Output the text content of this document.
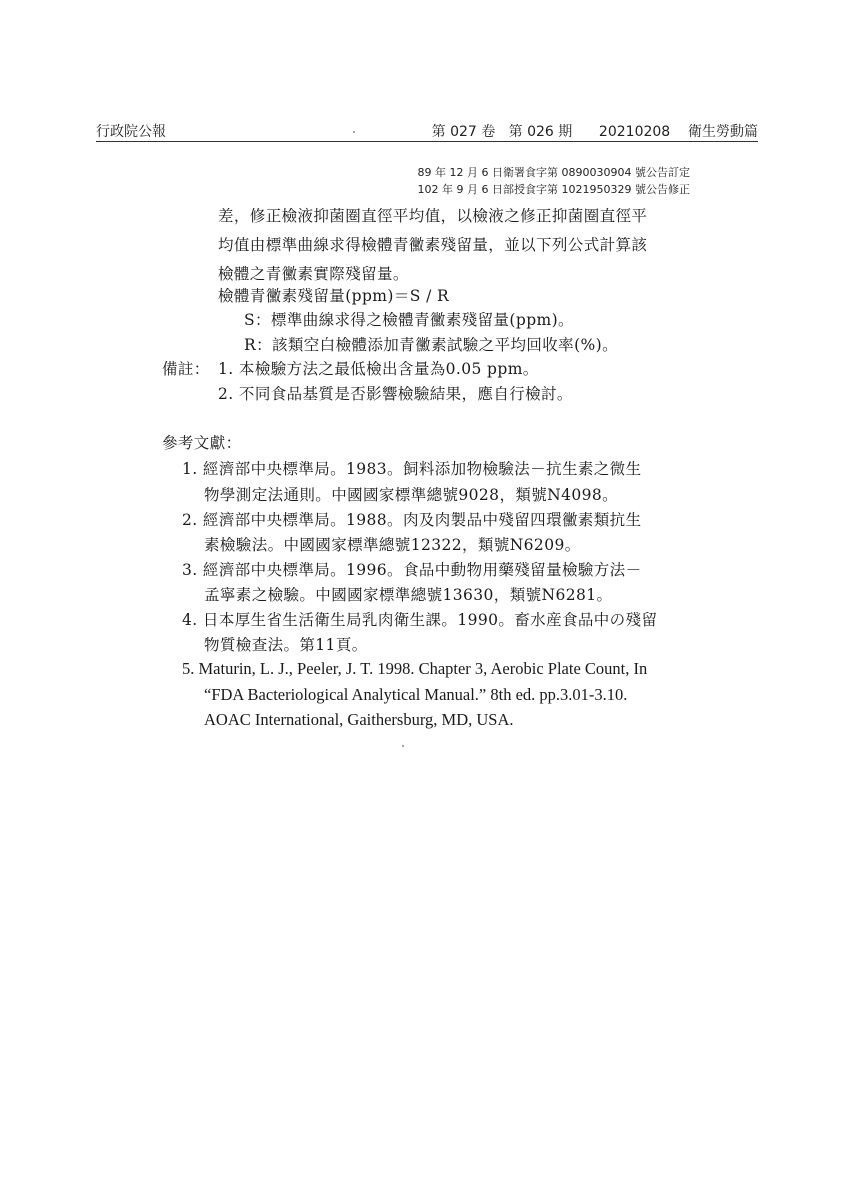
行政院公報	第 027 卷   第 026 期      20210208    衛生勞動篇
89 年 12 月 6 日衛署食字第 0890030904 號公告訂定
102 年 9 月 6 日部授食字第 1021950329 號公告修正
差，修正檢液抑菌圈直徑平均值，以檢液之修正抑菌圈直徑平
均值由標準曲線求得檢體青黴素殘留量，並以下列公式計算該
檢體之青黴素實際殘留量。
檢體青黴素殘留量(ppm)＝S / R
S：標準曲線求得之檢體青黴素殘留量(ppm)。
R：該類空白檢體添加青黴素試驗之平均回收率(%)。
備註： 1. 本檢驗方法之最低檢出含量為0.05 ppm。
2. 不同食品基質是否影響檢驗結果，應自行檢討。
參考文獻：
1. 經濟部中央標準局。1983。飼料添加物檢驗法－抗生素之微生
物學測定法通則。中國國家標準總號9028，類號N4098。
2. 經濟部中央標準局。1988。肉及肉製品中殘留四環黴素類抗生
素檢驗法。中國國家標準總號12322，類號N6209。
3. 經濟部中央標準局。1996。食品中動物用藥殘留量檢驗方法－
孟寧素之檢驗。中國國家標準總號13630，類號N6281。
4. 日本厚生省生活衛生局乳肉衛生課。1990。畜水産食品中の殘留
物質檢查法。第11頁。
5. Maturin, L. J., Peeler, J. T. 1998. Chapter 3, Aerobic Plate Count, In
“FDA Bacteriological Analytical Manual.” 8th ed. pp.3.01-3.10.
AOAC International, Gaithersburg, MD, USA.
